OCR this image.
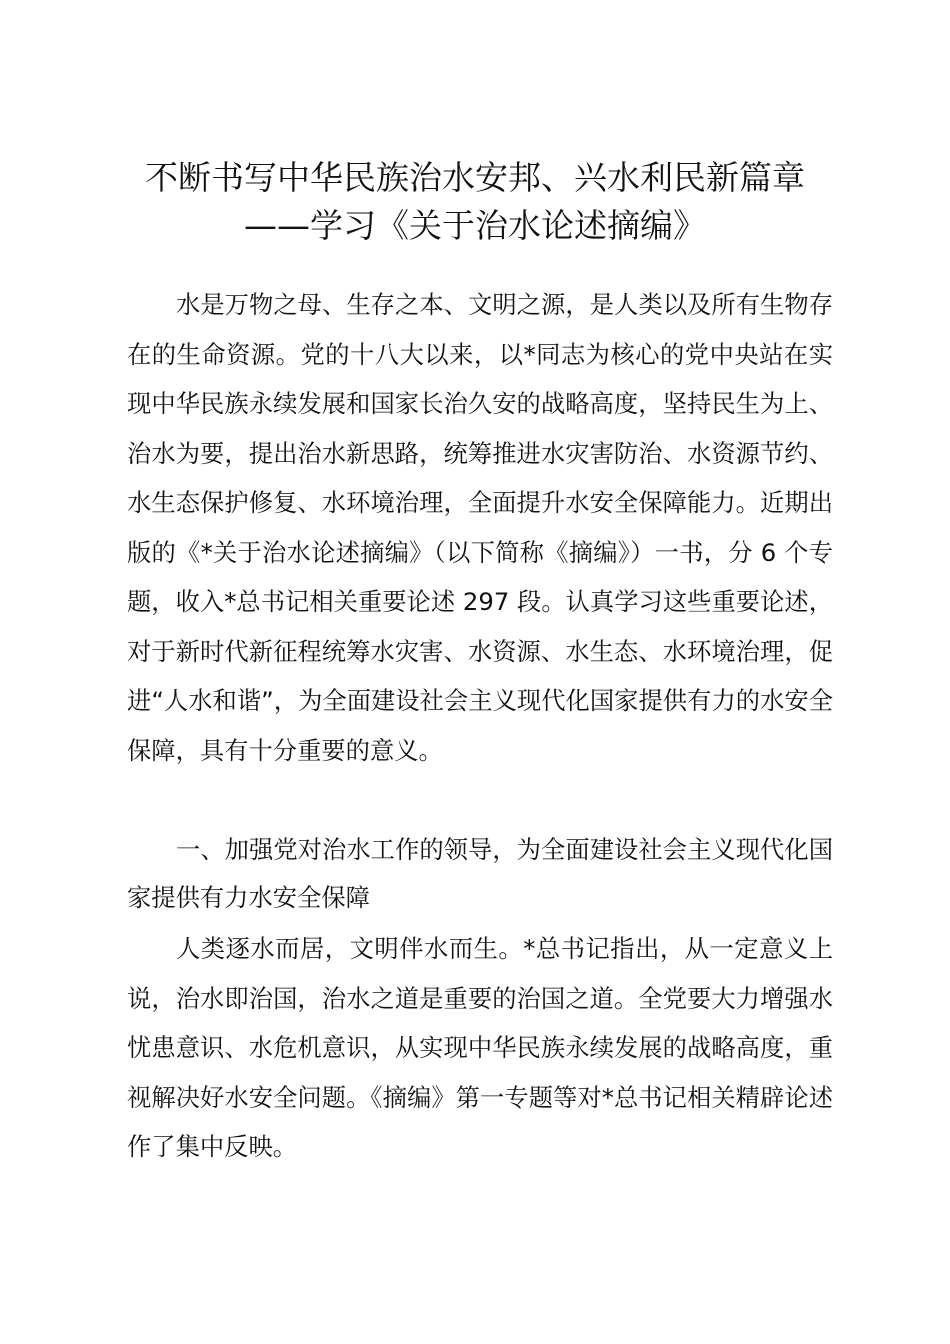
不断书写中华民族治水安邦、兴水利民新篇章
——学习《关于治水论述摘编》

水是万物之母、生存之本、文明之源，是人类以及所有生物存在的生命资源。党的十八大以来，以*同志为核心的党中央站在实现中华民族永续发展和国家长治久安的战略高度，坚持民生为上、治水为要，提出治水新思路，统筹推进水灾害防治、水资源节约、水生态保护修复、水环境治理，全面提升水安全保障能力。近期出版的《*关于治水论述摘编》（以下简称《摘编》）一书，分 6 个专题，收入*总书记相关重要论述 297 段。认真学习这些重要论述，对于新时代新征程统筹水灾害、水资源、水生态、水环境治理，促进“人水和谐”，为全面建设社会主义现代化国家提供有力的水安全保障，具有十分重要的意义。

一、加强党对治水工作的领导，为全面建设社会主义现代化国家提供有力水安全保障

人类逐水而居，文明伴水而生。*总书记指出，从一定意义上说，治水即治国，治水之道是重要的治国之道。全党要大力增强水忧患意识、水危机意识，从实现中华民族永续发展的战略高度，重视解决好水安全问题。《摘编》第一专题等对*总书记相关精辟论述作了集中反映。
